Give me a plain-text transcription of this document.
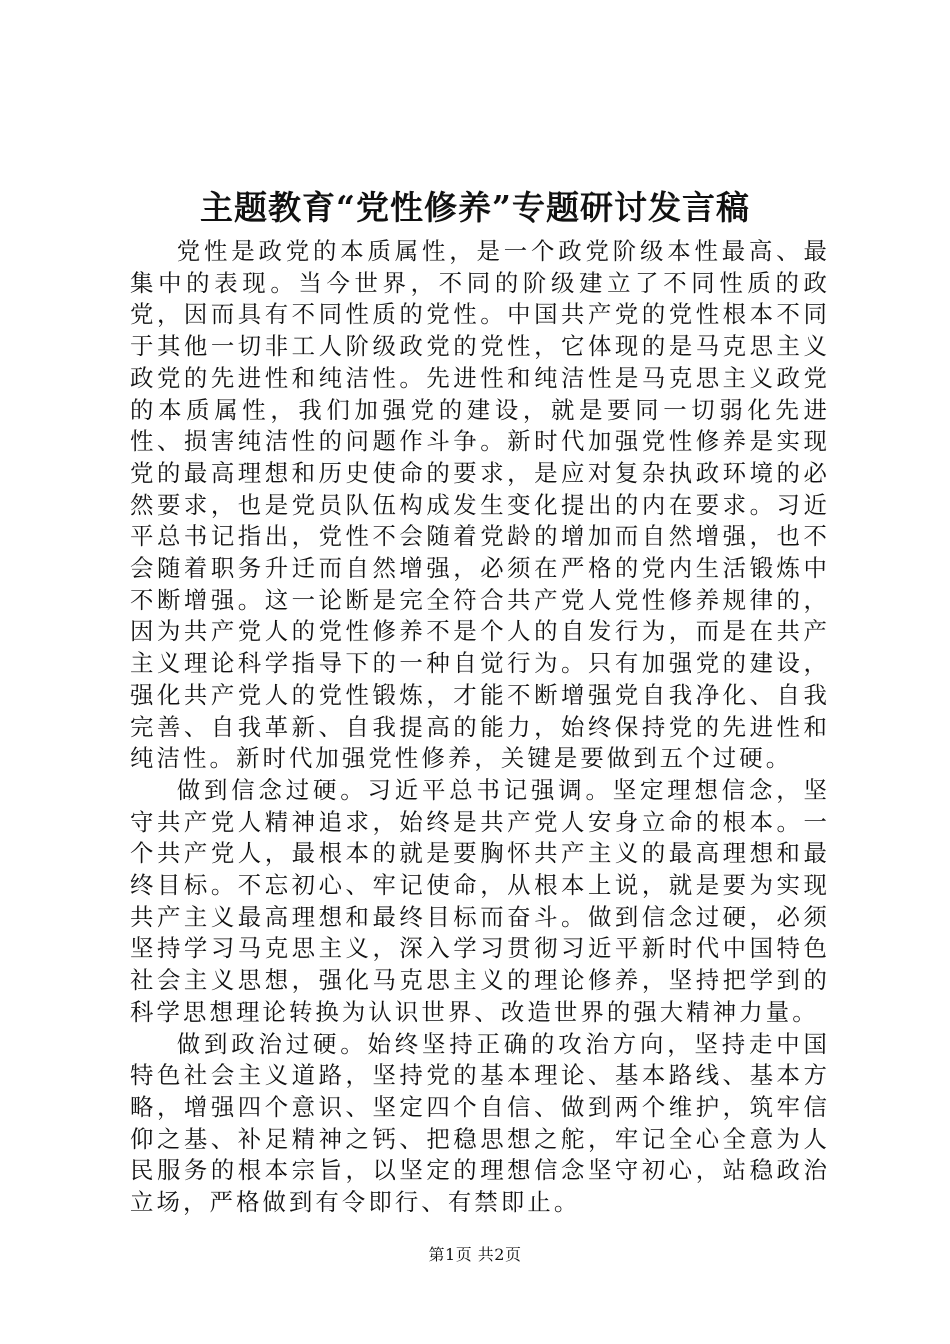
主题教育“党性修养”专题研讨发言稿

党性是政党的本质属性，是一个政党阶级本性最高、最集中的表现。当今世界，不同的阶级建立了不同性质的政党，因而具有不同性质的党性。中国共产党的党性根本不同于其他一切非工人阶级政党的党性，它体现的是马克思主义政党的先进性和纯洁性。先进性和纯洁性是马克思主义政党的本质属性，我们加强党的建设，就是要同一切弱化先进性、损害纯洁性的问题作斗争。新时代加强党性修养是实现党的最高理想和历史使命的要求，是应对复杂执政环境的必然要求，也是党员队伍构成发生变化提出的内在要求。习近平总书记指出，党性不会随着党龄的增加而自然增强，也不会随着职务升迁而自然增强，必须在严格的党内生活锻炼中不断增强。这一论断是完全符合共产党人党性修养规律的，因为共产党人的党性修养不是个人的自发行为，而是在共产主义理论科学指导下的一种自觉行为。只有加强党的建设，强化共产党人的党性锻炼，才能不断增强党自我净化、自我完善、自我革新、自我提高的能力，始终保持党的先进性和纯洁性。新时代加强党性修养，关键是要做到五个过硬。

做到信念过硬。习近平总书记强调。坚定理想信念，坚守共产党人精神追求，始终是共产党人安身立命的根本。一个共产党人，最根本的就是要胸怀共产主义的最高理想和最终目标。不忘初心、牢记使命，从根本上说，就是要为实现共产主义最高理想和最终目标而奋斗。做到信念过硬，必须坚持学习马克思主义，深入学习贯彻习近平新时代中国特色社会主义思想，强化马克思主义的理论修养，坚持把学到的科学思想理论转换为认识世界、改造世界的强大精神力量。

做到政治过硬。始终坚持正确的攻治方向，坚持走中国特色社会主义道路，坚持党的基本理论、基本路线、基本方略，增强四个意识、坚定四个自信、做到两个维护，筑牢信仰之基、补足精神之钙、把稳思想之舵，牢记全心全意为人民服务的根本宗旨，以坚定的理想信念坚守初心，站稳政治立场，严格做到有令即行、有禁即止。

第1页 共2页
